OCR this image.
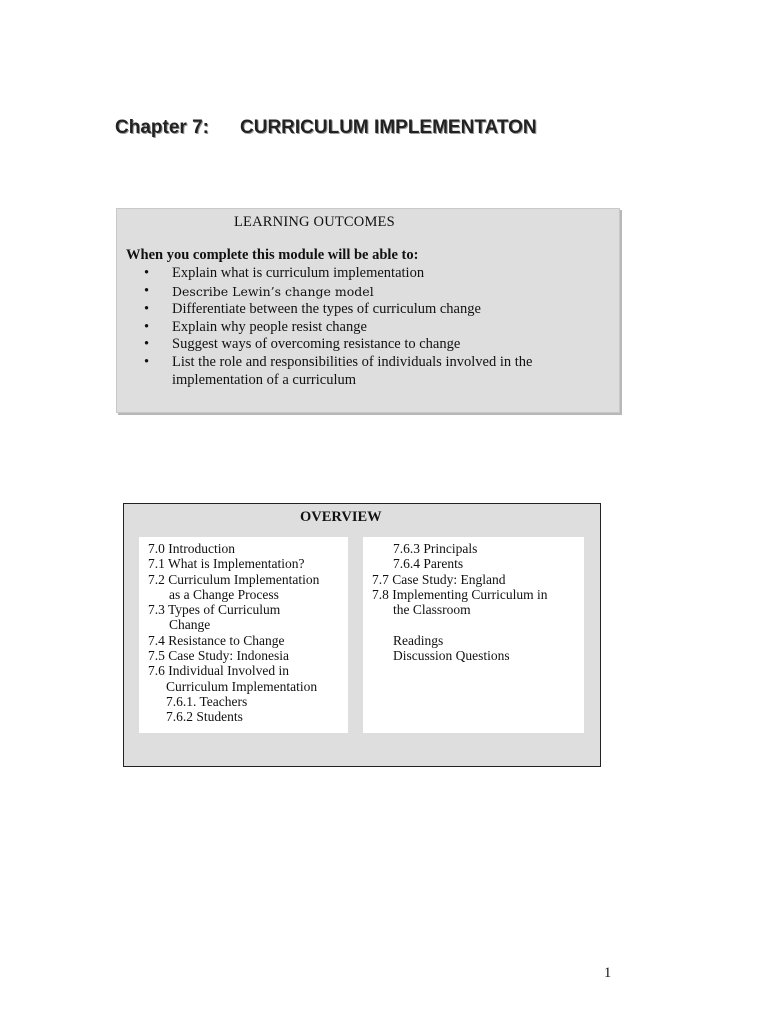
Chapter 7: CURRICULUM IMPLEMENTATON
LEARNING OUTCOMES
When you complete this module will be able to:
• Explain what is curriculum implementation
• Describe Lewin’s change model
• Differentiate between the types of curriculum change
• Explain why people resist change
• Suggest ways of overcoming resistance to change
• List the role and responsibilities of individuals involved in the implementation of a curriculum
OVERVIEW
7.0 Introduction
7.1 What is Implementation?
7.2 Curriculum Implementation
as a Change Process
7.3 Types of Curriculum
Change
7.4 Resistance to Change
7.5 Case Study: Indonesia
7.6 Individual Involved in
Curriculum Implementation
7.6.1. Teachers
7.6.2 Students
7.6.3 Principals
7.6.4 Parents
7.7 Case Study: England
7.8 Implementing Curriculum in
the Classroom
Readings
Discussion Questions
1
